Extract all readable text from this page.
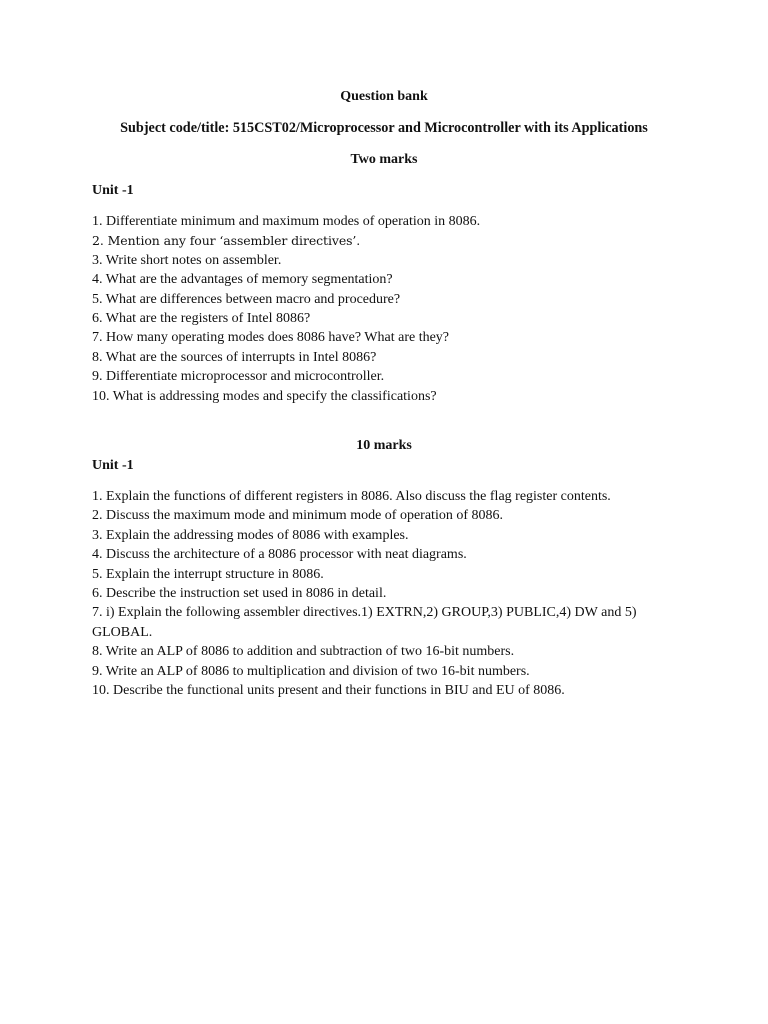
Question bank
Subject code/title: 515CST02/Microprocessor and Microcontroller with its Applications
Two marks
Unit -1
1. Differentiate minimum and maximum modes of operation in 8086.
2. Mention any four ‘assembler directives’.
3. Write short notes on assembler.
4. What are the advantages of memory segmentation?
5. What are differences between macro and procedure?
6. What are the registers of Intel 8086?
7. How many operating modes does 8086 have? What are they?
8. What are the sources of interrupts in Intel 8086?
9. Differentiate microprocessor and microcontroller.
10. What is addressing modes and specify the classifications?
10 marks
Unit -1
1. Explain the functions of different registers in 8086. Also discuss the flag register contents.
2. Discuss the maximum mode and minimum mode of operation of 8086.
3. Explain the addressing modes of 8086 with examples.
4. Discuss the architecture of a 8086 processor with neat diagrams.
5. Explain the interrupt structure in 8086.
6. Describe the instruction set used in 8086 in detail.
7. i) Explain the following assembler directives.1) EXTRN,2) GROUP,3) PUBLIC,4) DW and 5) GLOBAL.
8. Write an ALP of 8086 to addition and subtraction of two 16-bit numbers.
9. Write an ALP of 8086 to multiplication and division of two 16-bit numbers.
10. Describe the functional units present and their functions in BIU and EU of 8086.
